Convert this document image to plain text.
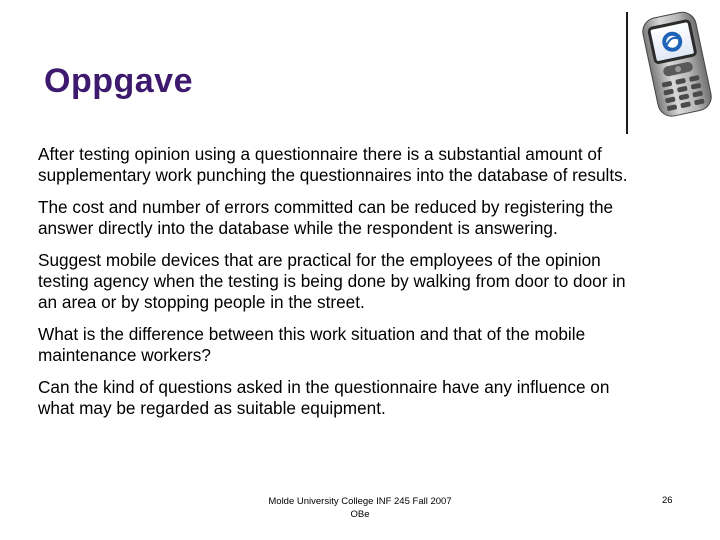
Oppgave

After testing opinion using a questionnaire there is a substantial amount of supplementary work punching the questionnaires into the database of results.

The cost and number of errors committed can be reduced by registering the answer directly into the database while the respondent is answering.

Suggest mobile devices that are practical for the employees of the opinion testing agency when the testing is being done by walking from door to door in an area or by stopping people in the street.

What is the difference between this work situation and that of the mobile maintenance workers?

Can the kind of questions asked in the questionnaire have any influence on what may be regarded as suitable equipment.

Molde University College INF 245 Fall 2007
OBe
26
